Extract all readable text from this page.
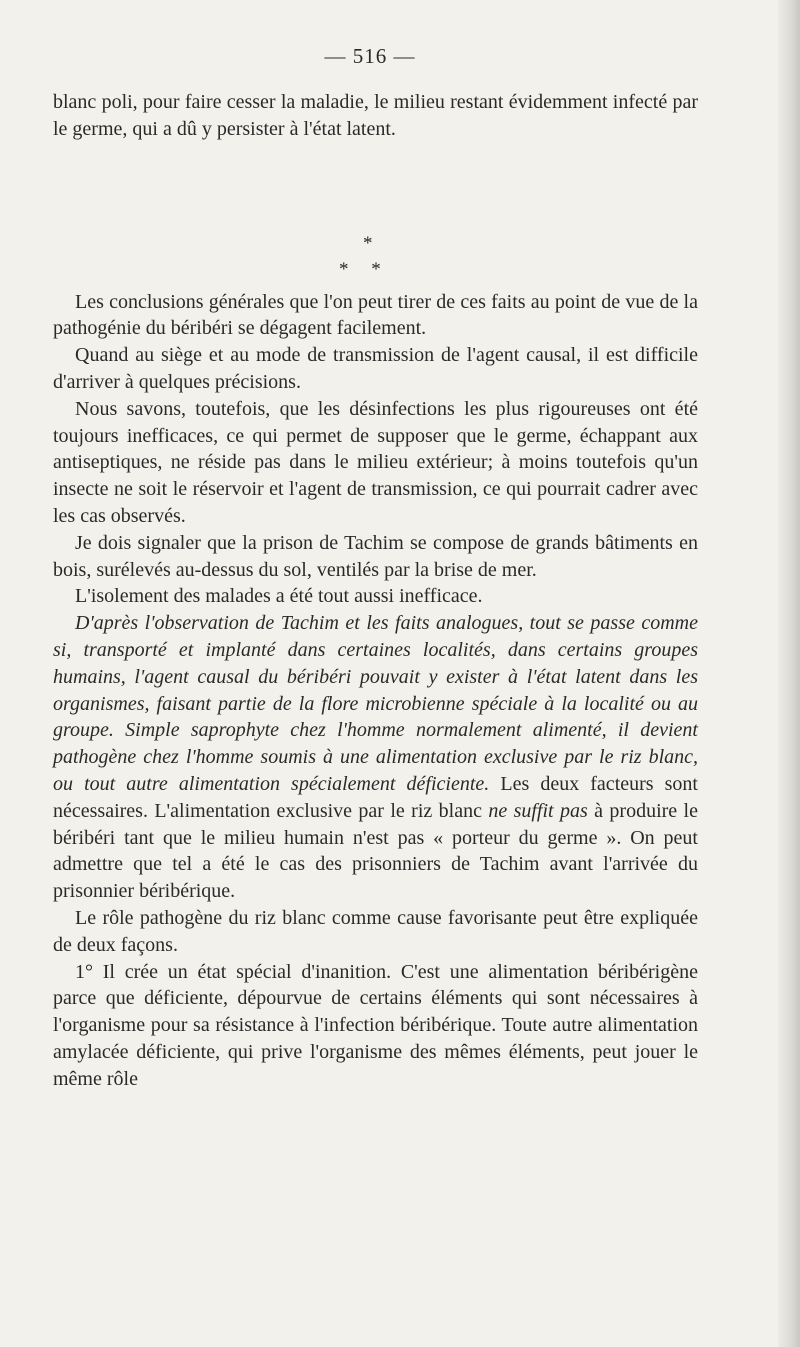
— 516 —

blanc poli, pour faire cesser la maladie, le milieu restant évidemment infecté par le germe, qui a dû y persister à l'état latent.

*
* *

Les conclusions générales que l'on peut tirer de ces faits au point de vue de la pathogénie du béribéri se dégagent facilement.

Quand au siège et au mode de transmission de l'agent causal, il est difficile d'arriver à quelques précisions.

Nous savons, toutefois, que les désinfections les plus rigoureuses ont été toujours inefficaces, ce qui permet de supposer que le germe, échappant aux antiseptiques, ne réside pas dans le milieu extérieur; à moins toutefois qu'un insecte ne soit le réservoir et l'agent de transmission, ce qui pourrait cadrer avec les cas observés.

Je dois signaler que la prison de Tachim se compose de grands bâtiments en bois, surélevés au-dessus du sol, ventilés par la brise de mer.

L'isolement des malades a été tout aussi inefficace.

D'après l'observation de Tachim et les faits analogues, tout se passe comme si, transporté et implanté dans certaines localités, dans certains groupes humains, l'agent causal du béribéri pouvait y exister à l'état latent dans les organismes, faisant partie de la flore microbienne spéciale à la localité ou au groupe. Simple saprophyte chez l'homme normalement alimenté, il devient pathogène chez l'homme soumis à une alimentation exclusive par le riz blanc, ou tout autre alimentation spécialement déficiente. Les deux facteurs sont nécessaires. L'alimentation exclusive par le riz blanc ne suffit pas à produire le béribéri tant que le milieu humain n'est pas « porteur du germe ». On peut admettre que tel a été le cas des prisonniers de Tachim avant l'arrivée du prisonnier béribérique.

Le rôle pathogène du riz blanc comme cause favorisante peut être expliquée de deux façons.

1° Il crée un état spécial d'inanition. C'est une alimentation béribérigène parce que déficiente, dépourvue de certains éléments qui sont nécessaires à l'organisme pour sa résistance à l'infection béribérique. Toute autre alimentation amylacée déficiente, qui prive l'organisme des mêmes éléments, peut jouer le même rôle
